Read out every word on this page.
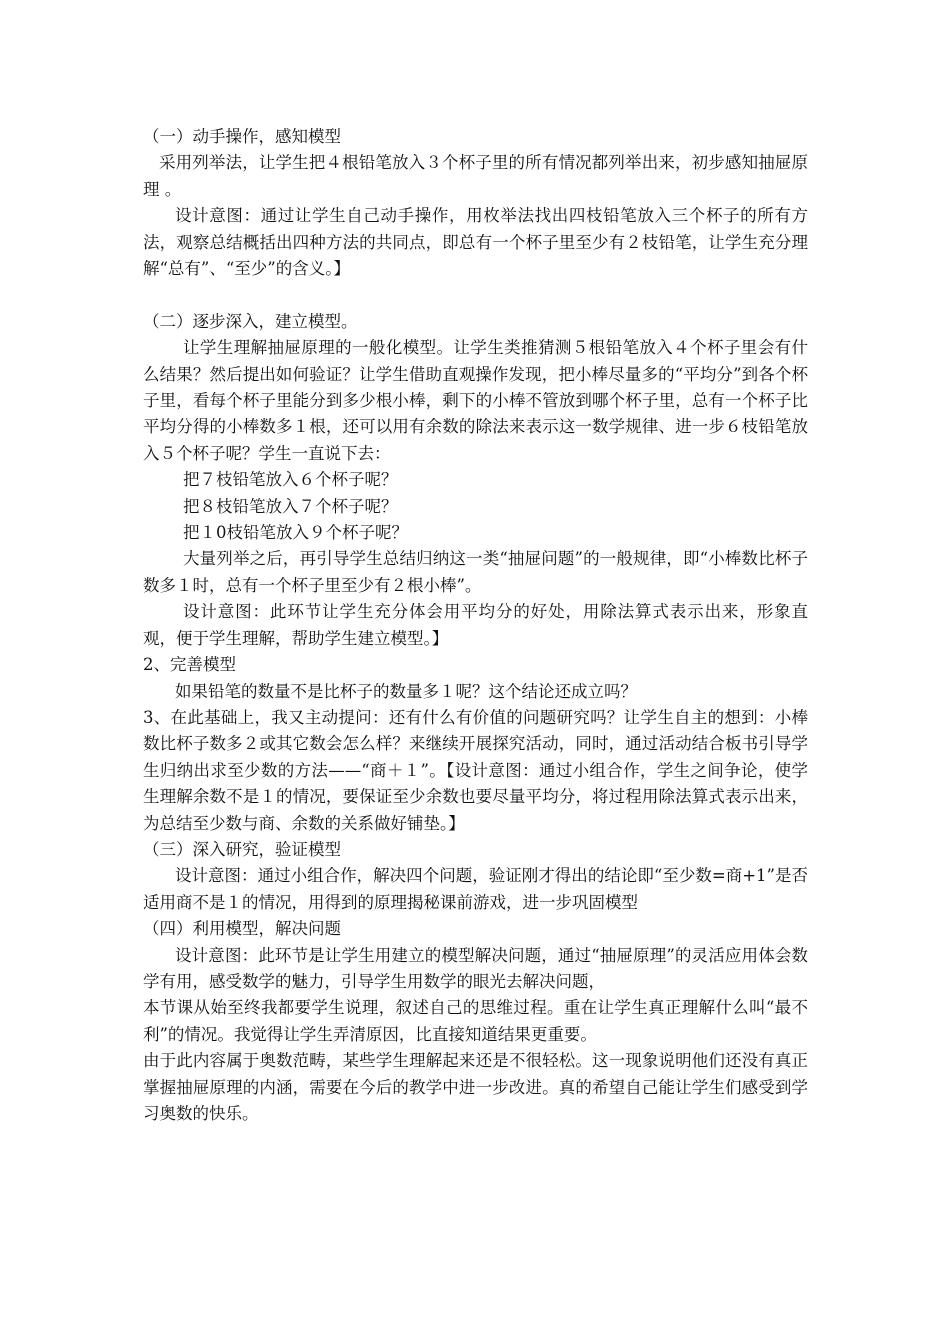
（一）动手操作，感知模型

采用列举法，让学生把４根铅笔放入３个杯子里的所有情况都列举出来，初步感知抽屉原理 。

设计意图：通过让学生自己动手操作，用枚举法找出四枝铅笔放入三个杯子的所有方法，观察总结概括出四种方法的共同点，即总有一个杯子里至少有２枝铅笔，让学生充分理解“总有”、“至少”的含义。】

（二）逐步深入，建立模型。

让学生理解抽屉原理的一般化模型。让学生类推猜测５根铅笔放入４个杯子里会有什么结果？然后提出如何验证？让学生借助直观操作发现，把小棒尽量多的“平均分”到各个杯子里，看每个杯子里能分到多少根小棒，剩下的小棒不管放到哪个杯子里，总有一个杯子比平均分得的小棒数多１根，还可以用有余数的除法来表示这一数学规律、进一步６枝铅笔放入５个杯子呢？学生一直说下去：

把７枝铅笔放入６个杯子呢？

把８枝铅笔放入７个杯子呢？

把１0枝铅笔放入９个杯子呢？

大量列举之后，再引导学生总结归纳这一类“抽屉问题”的一般规律，即“小棒数比杯子数多１时，总有一个杯子里至少有２根小棒”。

设计意图：此环节让学生充分体会用平均分的好处，用除法算式表示出来，形象直观，便于学生理解，帮助学生建立模型。】

2、完善模型

如果铅笔的数量不是比杯子的数量多１呢？这个结论还成立吗？

3、在此基础上，我又主动提问：还有什么有价值的问题研究吗？让学生自主的想到：小棒数比杯子数多２或其它数会怎么样？来继续开展探究活动，同时，通过活动结合板书引导学生归纳出求至少数的方法——“商＋１”。【设计意图：通过小组合作，学生之间争论，使学生理解余数不是１的情况，要保证至少余数也要尽量平均分，将过程用除法算式表示出来，为总结至少数与商、余数的关系做好铺垫。】

（三）深入研究，验证模型

设计意图：通过小组合作，解决四个问题，验证刚才得出的结论即“至少数=商+1”是否适用商不是１的情况，用得到的原理揭秘课前游戏，进一步巩固模型

（四）利用模型，解决问题

设计意图：此环节是让学生用建立的模型解决问题，通过“抽屉原理”的灵活应用体会数学有用，感受数学的魅力，引导学生用数学的眼光去解决问题，

本节课从始至终我都要学生说理，叙述自己的思维过程。重在让学生真正理解什么叫“最不利”的情况。我觉得让学生弄清原因，比直接知道结果更重要。

由于此内容属于奥数范畴，某些学生理解起来还是不很轻松。这一现象说明他们还没有真正掌握抽屉原理的内涵，需要在今后的教学中进一步改进。真的希望自己能让学生们感受到学习奥数的快乐。
